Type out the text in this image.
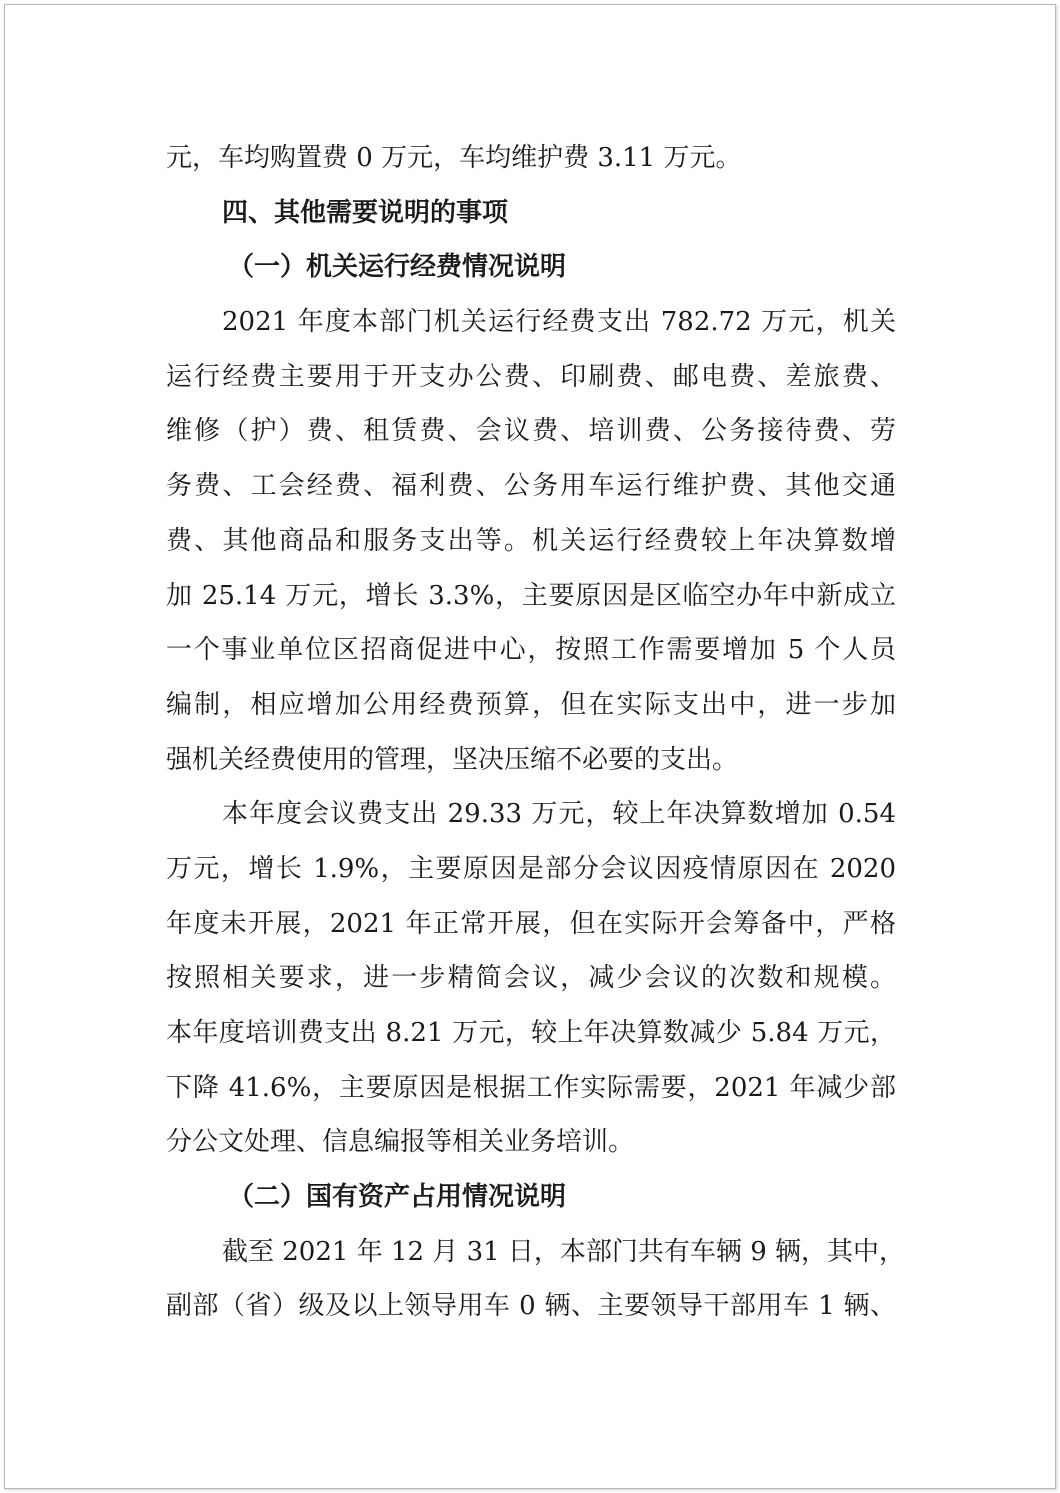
元，车均购置费 0 万元，车均维护费 3.11 万元。
四、其他需要说明的事项
（一）机关运行经费情况说明
2021 年度本部门机关运行经费支出 782.72 万元，机关
运行经费主要用于开支办公费、印刷费、邮电费、差旅费、
维修（护）费、租赁费、会议费、培训费、公务接待费、劳
务费、工会经费、福利费、公务用车运行维护费、其他交通
费、其他商品和服务支出等。机关运行经费较上年决算数增
加 25.14 万元，增长 3.3%，主要原因是区临空办年中新成立
一个事业单位区招商促进中心，按照工作需要增加 5 个人员
编制，相应增加公用经费预算，但在实际支出中，进一步加
强机关经费使用的管理，坚决压缩不必要的支出。
本年度会议费支出 29.33 万元，较上年决算数增加 0.54
万元，增长 1.9%，主要原因是部分会议因疫情原因在 2020
年度未开展，2021 年正常开展，但在实际开会筹备中，严格
按照相关要求，进一步精简会议，减少会议的次数和规模。
本年度培训费支出 8.21 万元，较上年决算数减少 5.84 万元，
下降 41.6%，主要原因是根据工作实际需要，2021 年减少部
分公文处理、信息编报等相关业务培训。
（二）国有资产占用情况说明
截至 2021 年 12 月 31 日，本部门共有车辆 9 辆，其中，
副部（省）级及以上领导用车 0 辆、主要领导干部用车 1 辆、
